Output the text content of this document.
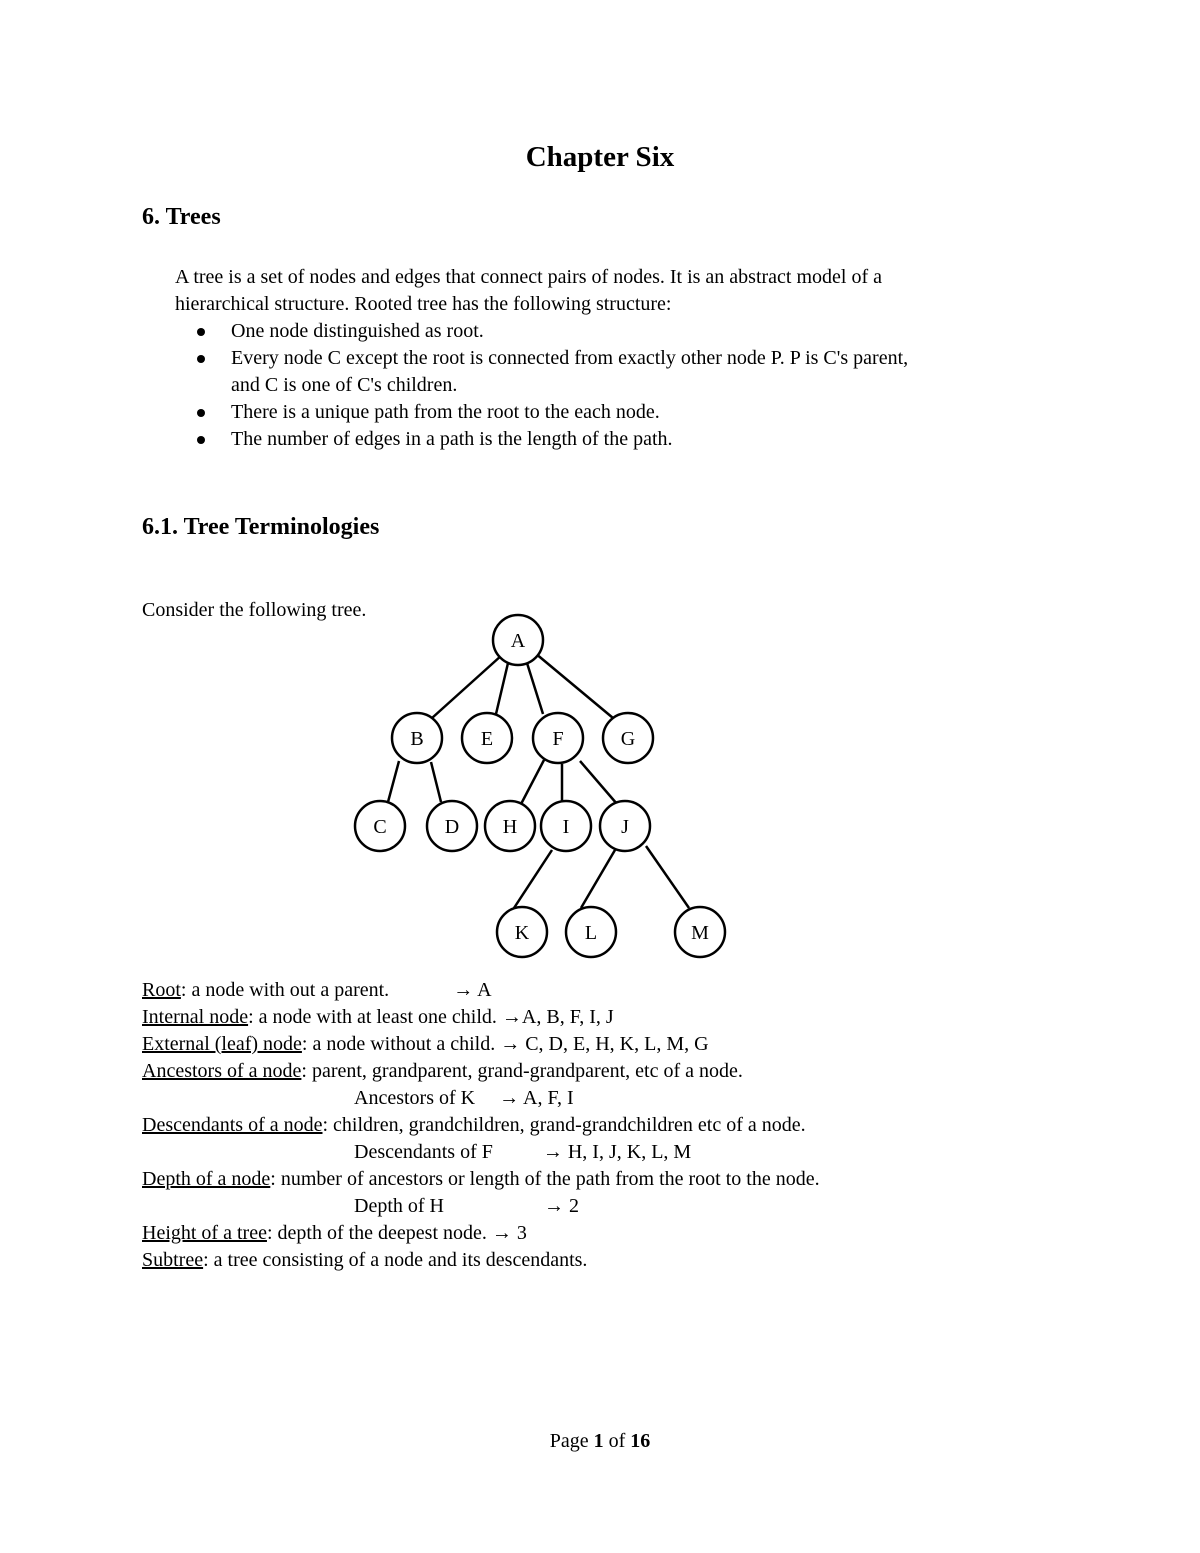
Chapter Six
6. Trees

A tree is a set of nodes and edges that connect pairs of nodes. It is an abstract model of a

hierarchical structure. Rooted tree has the following structure:

One node distinguished as root.
Every node C except the root is connected from exactly other node P. P is C's parent,
and C is one of C's children.
There is a unique path from the root to the each node.
The number of edges in a path is the length of the path.
6.1. Tree Terminologies

Consider the following tree.

A
B	E	F	G
C	D H I	J
K	L	M
Root: a node with out a parent.	→ A
Internal node: a node with at least one child. →A, B, F, I, J
External (leaf) node: a node without a child. → C, D, E, H, K, L, M, G
Ancestors of a node: parent, grandparent, grand-grandparent, etc of a node.
Ancestors of K → A, F, I
Descendants of a node: children, grandchildren, grand-grandchildren etc of a node.
Descendants of F	→ H, I, J, K, L, M
Depth of a node: number of ancestors or length of the path from the root to the node.
Depth of H	→ 2
Height of a tree: depth of the deepest node. → 3
Subtree: a tree consisting of a node and its descendants.

Page 1 of 16
